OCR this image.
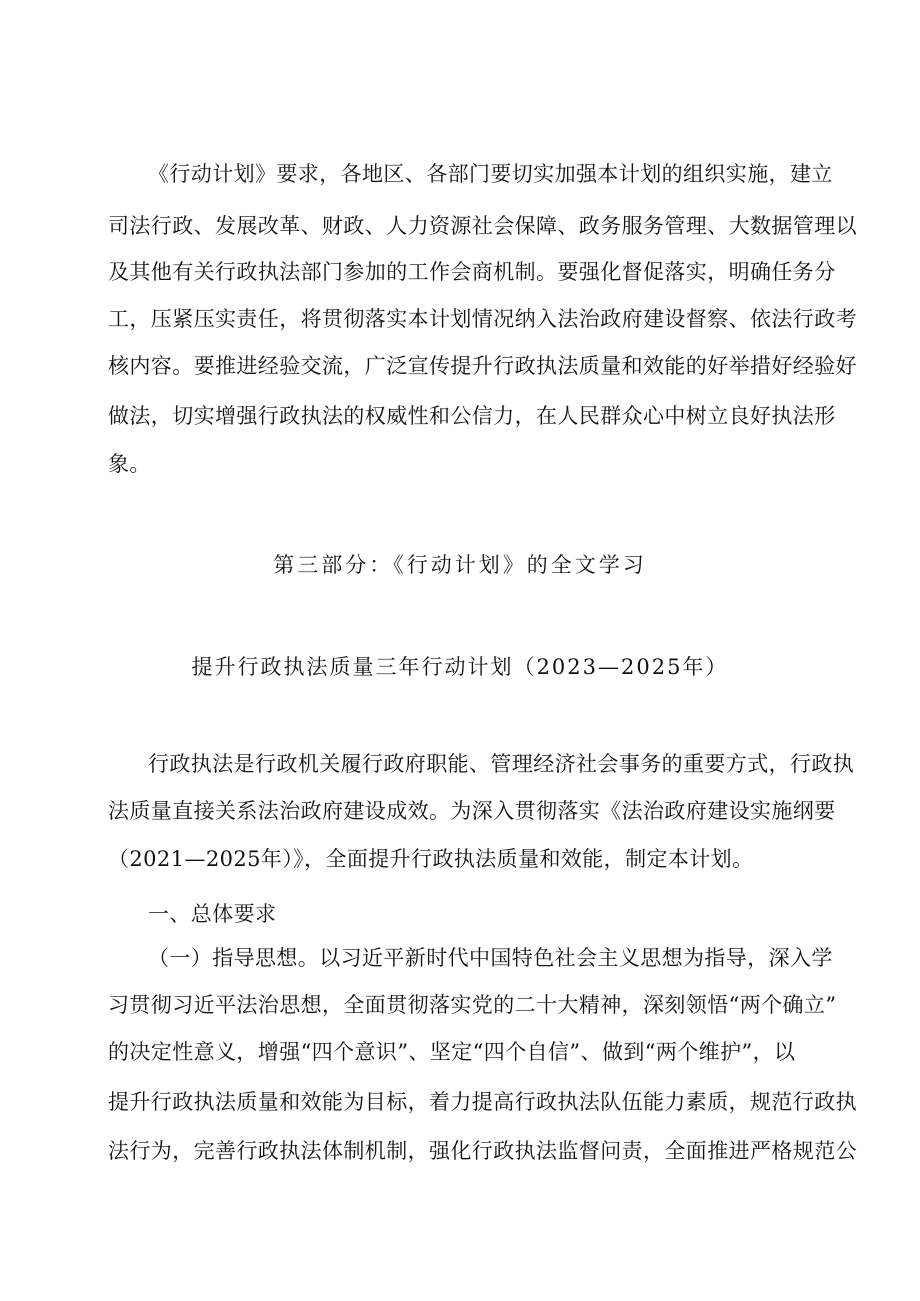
《行动计划》要求，各地区、各部门要切实加强本计划的组织实施，建立
司法行政、发展改革、财政、人力资源社会保障、政务服务管理、大数据管理以
及其他有关行政执法部门参加的工作会商机制。要强化督促落实，明确任务分
工，压紧压实责任，将贯彻落实本计划情况纳入法治政府建设督察、依法行政考
核内容。要推进经验交流，广泛宣传提升行政执法质量和效能的好举措好经验好
做法，切实增强行政执法的权威性和公信力，在人民群众心中树立良好执法形
象。
第三部分：《行动计划》的全文学习
提升行政执法质量三年行动计划（2023—2025年）
行政执法是行政机关履行政府职能、管理经济社会事务的重要方式，行政执
法质量直接关系法治政府建设成效。为深入贯彻落实《法治政府建设实施纲要
（2021—2025年）》，全面提升行政执法质量和效能，制定本计划。
一、总体要求
（一）指导思想。以习近平新时代中国特色社会主义思想为指导，深入学
习贯彻习近平法治思想，全面贯彻落实党的二十大精神，深刻领悟“两个确立”
的决定性意义，增强“四个意识”、坚定“四个自信”、做到“两个维护”，以
提升行政执法质量和效能为目标，着力提高行政执法队伍能力素质，规范行政执
法行为，完善行政执法体制机制，强化行政执法监督问责，全面推进严格规范公
